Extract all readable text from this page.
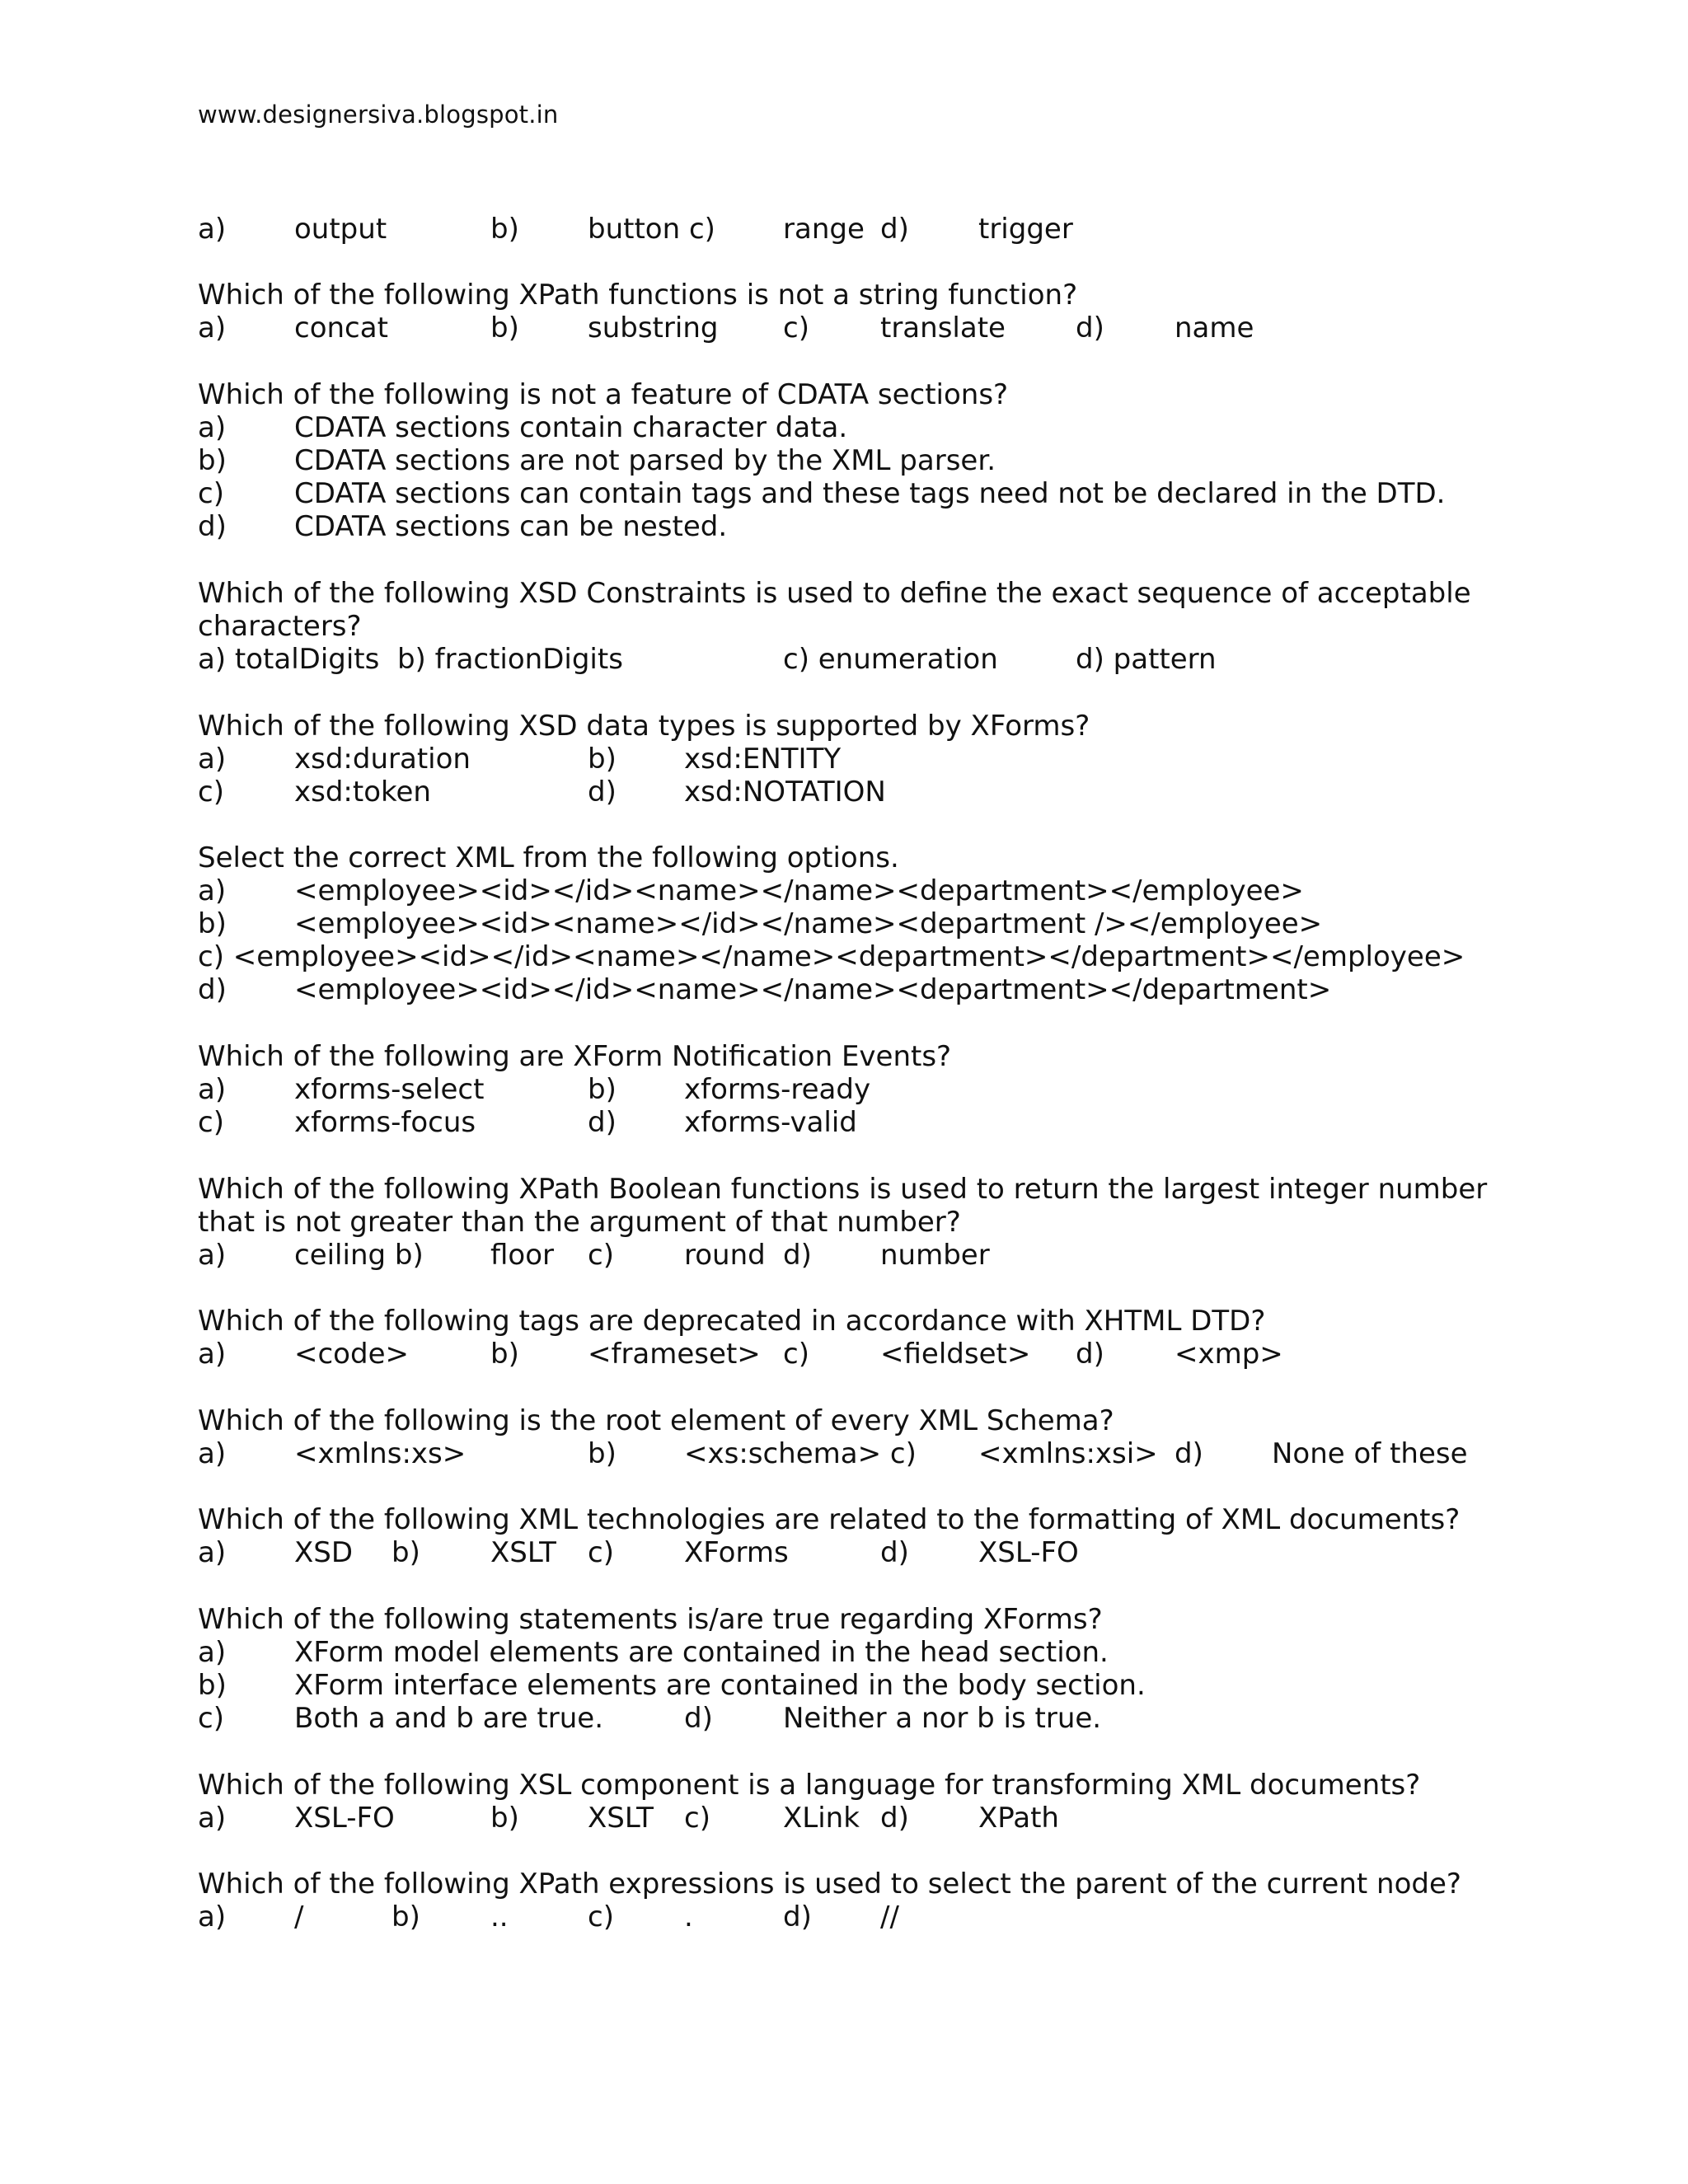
www.designersiva.blogspot.in
a) output	b) button c) range d) trigger
Which of the following XPath functions is not a string function?
a) concat	b) substring c)	translate	d)	name
Which of the following is not a feature of CDATA sections?
a) CDATA sections contain character data.
b) CDATA sections are not parsed by the XML parser.
c)	CDATA sections can contain tags and these tags need not be declared in the DTD.
d) CDATA sections can be nested.
Which of the following XSD Constraints is used to define the exact sequence of acceptable
characters?
a) totalDigits  b) fractionDigits	c) enumeration	d) pattern
Which of the following XSD data types is supported by XForms?
a) xsd:duration	b) xsd:ENTITY
c)	xsd:token	d) xsd:NOTATION
Select the correct XML from the following options.
a) <employee><id></id><name></name><department></employee>
b) <employee><id><name></id></name><department /></employee>
c) <employee><id></id><name></name><department></department></employee>
d) <employee><id></id><name></name><department></department>
Which of the following are XForm Notification Events?
a) xforms-select	b) xforms-ready
c)	xforms-focus	d) xforms-valid
Which of the following XPath Boolean functions is used to return the largest integer number
that is not greater than the argument of that number?
a) ceiling b) floor c)	round d) number
Which of the following tags are deprecated in accordance with XHTML DTD?
a) <code>	b) <frameset> c)	<fieldset> d)	<xmp>
Which of the following is the root element of every XML Schema?
a) <xmlns:xs>	b) <xs:schema> c) <xmlns:xsi> d) None of these
Which of the following XML technologies are related to the formatting of XML documents?
a) XSD b)	XSLT c)	XForms	d) XSL-FO
Which of the following statements is/are true regarding XForms?
a) XForm model elements are contained in the head section.
b) XForm interface elements are contained in the body section.
c)	Both a and b are true.	d)	Neither a nor b is true.
Which of the following XSL component is a language for transforming XML documents?
a) XSL-FO	b) XSLT c)	XLink d) XPath
Which of the following XPath expressions is used to select the parent of the current node?
a) /	b)	..	c)	.	d) //
